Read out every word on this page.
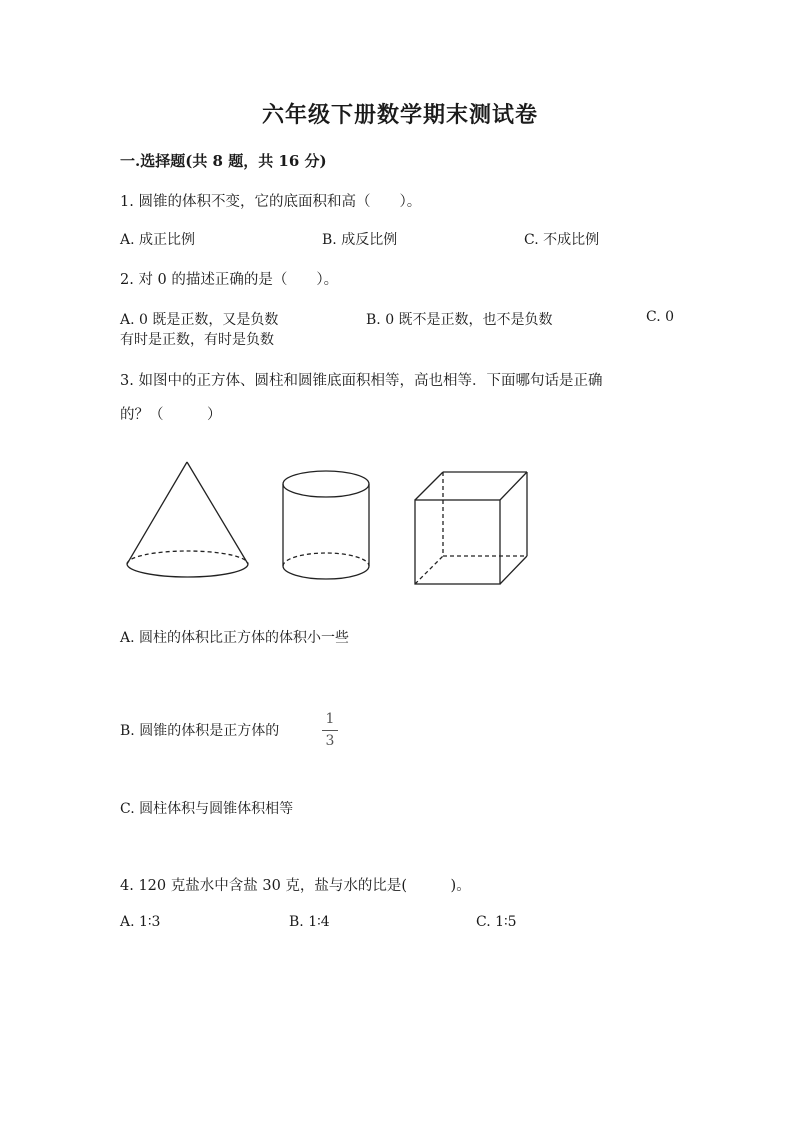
六年级下册数学期末测试卷
一.选择题(共 8 题，共 16 分)
1. 圆锥的体积不变，它的底面积和高（　　）。
A. 成正比例	B. 成反比例	C. 不成比例
2. 对 0 的描述正确的是（　　）。
A. 0 既是正数，又是负数	B. 0 既不是正数，也不是负数	C. 0
有时是正数，有时是负数
3. 如图中的正方体、圆柱和圆锥底面积相等，高也相等．下面哪句话是正确
的？（　　　）
A. 圆柱的体积比正方体的体积小一些
B. 圆锥的体积是正方体的
1
3
C. 圆柱体积与圆锥体积相等
4. 120 克盐水中含盐 30 克，盐与水的比是(　　　)。
A. 1∶3	B. 1∶4	C. 1∶5
